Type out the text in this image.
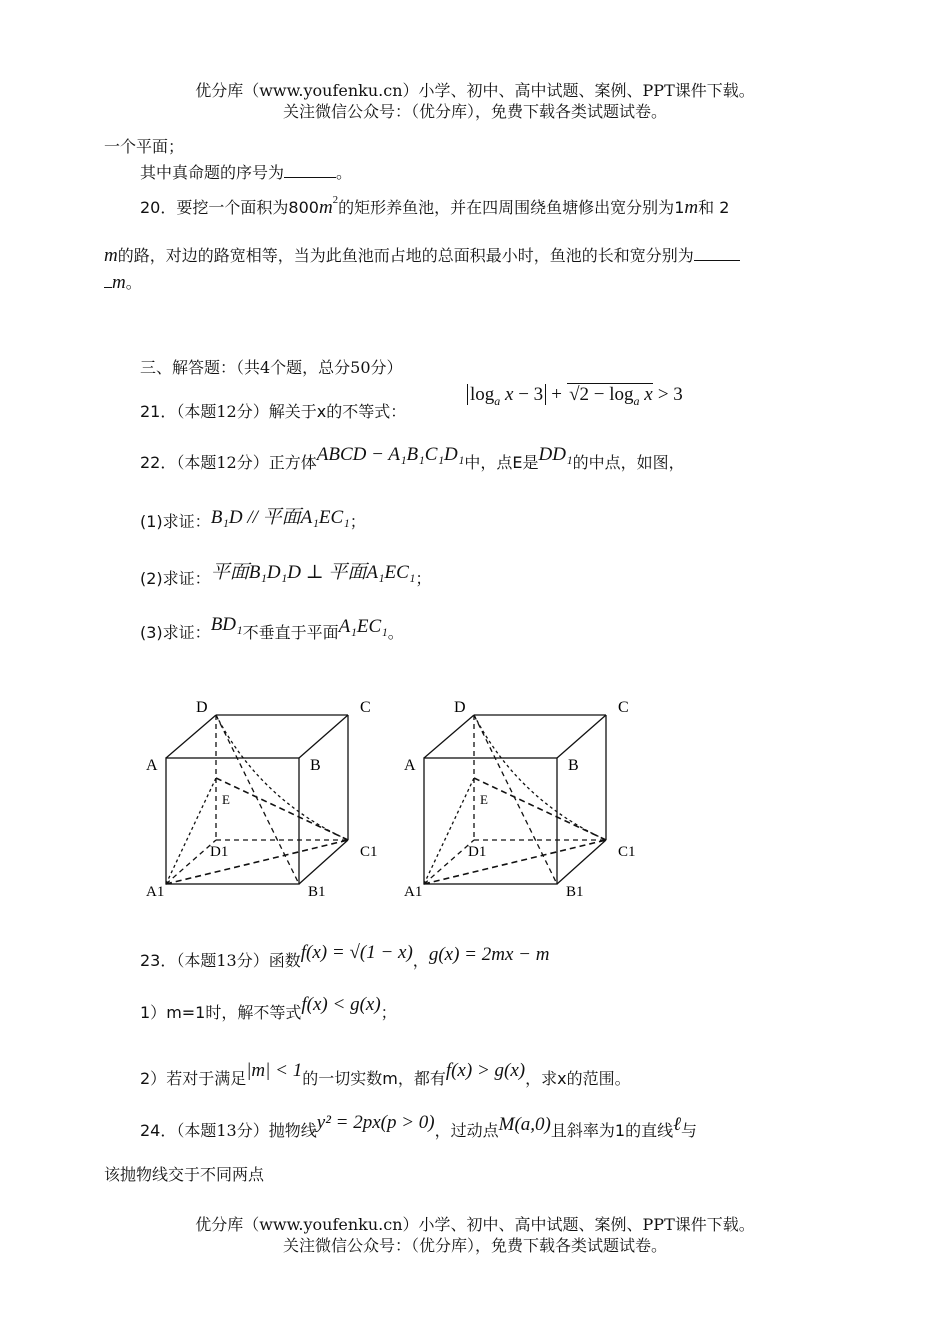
优分库（www.youfenku.cn）小学、初中、高中试题、案例、PPT课件下载。
关注微信公众号：（优分库），免费下载各类试题试卷。
一个平面；
其中真命题的序号为	。
20．要挖一个面积为$800m^2$的矩形养鱼池，并在四周围绕鱼塘修出宽分别为1m和 2
m的路，对边的路宽相等，当为此鱼池而占地的总面积最小时，鱼池的长和宽分别为
m。
三、解答题：（共4个题，总分50分）
21．（本题12分）解关于x的不等式：
$\log_a x - 3 + √2 - \log_a x > 3$
22．（本题12分）正方体ABCD − A₁B₁C₁D₁中，点E是DD₁的中点，如图，
(1)求证：B₁D // 平面A₁EC₁；
(2)求证：平面B₁D₁D ⊥ 平面A₁EC₁；
(3)求证：BD₁不垂直于平面A₁EC₁。
D	C
A	B
E
D1	C1
A1	B1
D	C
A	B
E
D1	C1
A1	B1
23．（本题13分）函数f(x) = √(1 − x)，g(x) = 2mx − m
1）m=1时，解不等式f(x) < g(x)；
2）若对于满足|m| < 1的一切实数m，都有f(x) > g(x)，求x的范围。
24．（本题13分）抛物线y² = 2px(p > 0)，过动点M(a,0)且斜率为1的直线ℓ与
该抛物线交于不同两点
优分库（www.youfenku.cn）小学、初中、高中试题、案例、PPT课件下载。
关注微信公众号：（优分库），免费下载各类试题试卷。
